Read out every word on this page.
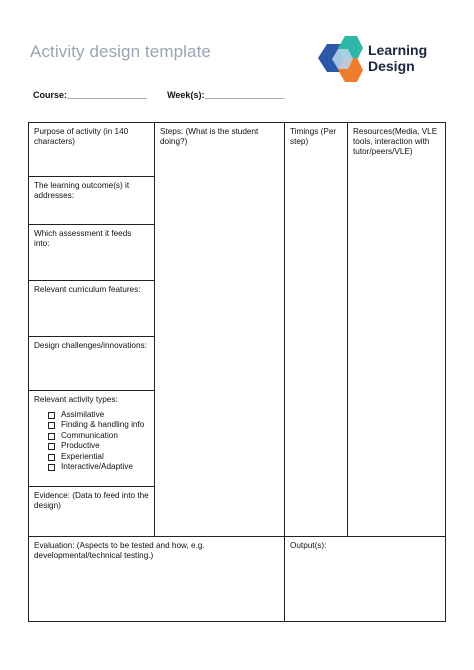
Activity design template	Learning
Design
Course:________________ Week(s):________________
Purpose of activity (in 140 characters)
The learning outcome(s) it addresses:
Which assessment it feeds into:
Relevant curriculum features:
Design challenges/innovations:
Relevant activity types:
Assimilative
Finding & handling info
Communication
Productive
Experiential
Interactive/Adaptive
Evidence: (Data to feed into the design)
Steps: (What is the student doing?)
Timings (Per step)
Resources(Media, VLE tools, interaction with tutor/peers/VLE)
Evaluation: (Aspects to be tested and how, e.g. developmental/technical testing.)
Output(s):
